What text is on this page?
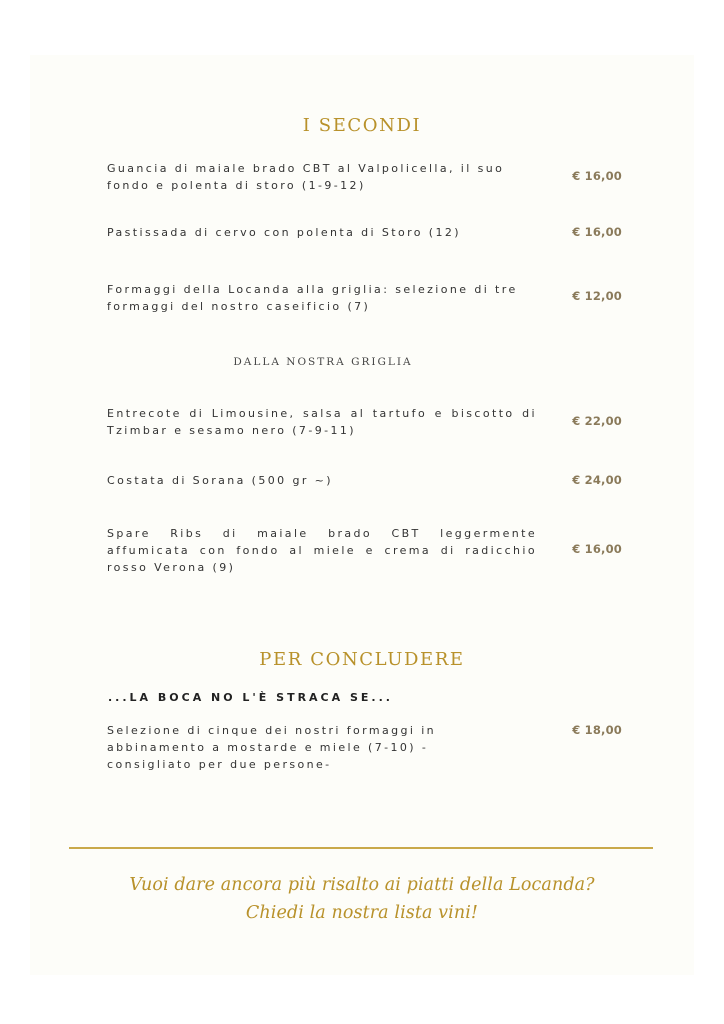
I SECONDI
Guancia di maiale brado CBT al Valpolicella, il suo fondo e polenta di storo (1-9-12)
€ 16,00
Pastissada di cervo con polenta di Storo (12)	€ 16,00
Formaggi della Locanda alla griglia: selezione di tre formaggi del nostro caseificio (7)
€ 12,00
DALLA NOSTRA GRIGLIA
Entrecote di Limousine, salsa al tartufo e biscotto di Tzimbar e sesamo nero (7-9-11)
€ 22,00
Costata di Sorana (500 gr ~)	€ 24,00
Spare Ribs di maiale brado CBT leggermente affumicata con fondo al miele e crema di radicchio rosso Verona (9)
€ 16,00
PER CONCLUDERE
...LA BOCA NO L'È STRACA SE...
Selezione di cinque dei nostri formaggi in abbinamento a mostarde e miele (7-10) -consigliato per due persone-
€ 18,00
Vuoi dare ancora più risalto ai piatti della Locanda?
Chiedi la nostra lista vini!
